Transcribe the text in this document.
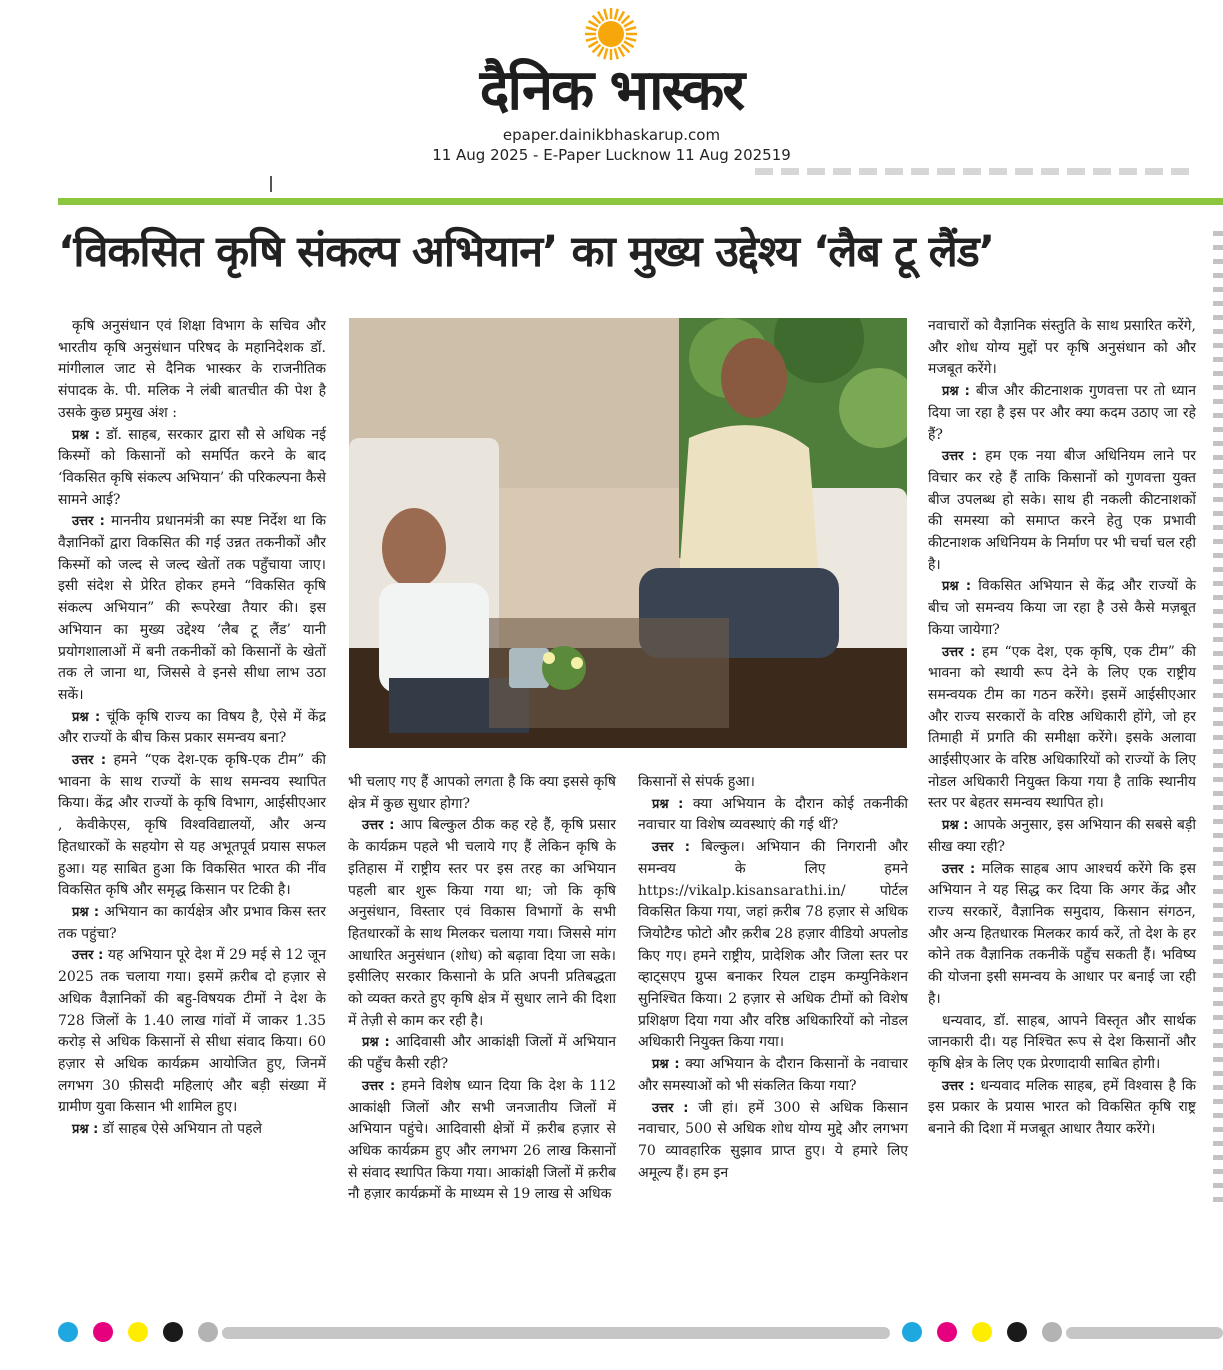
दैनिक भास्कर
epaper.dainikbhaskarup.com
11 Aug 2025 - E-Paper Lucknow 11 Aug 202519
‘विकसित कृषि संकल्प अभियान’ का मुख्य उद्देश्य ‘लैब टू लैंड’

कृषि अनुसंधान एवं शिक्षा विभाग के सचिव और भारतीय कृषि अनुसंधान परिषद के महानिदेशक डॉ. मांगीलाल जाट से दैनिक भास्कर के राजनीतिक संपादक के. पी. मलिक ने लंबी बातचीत की पेश है उसके कुछ प्रमुख अंश :

प्रश्न : डॉ. साहब, सरकार द्वारा सौ से अधिक नई किस्मों को किसानों को समर्पित करने के बाद ‘विकसित कृषि संकल्प अभियान’ की परिकल्पना कैसे सामने आई?

उत्तर : माननीय प्रधानमंत्री का स्पष्ट निर्देश था कि वैज्ञानिकों द्वारा विकसित की गई उन्नत तकनीकों और किस्मों को जल्द से जल्द खेतों तक पहुँचाया जाए। इसी संदेश से प्रेरित होकर हमने “विकसित कृषि संकल्प अभियान” की रूपरेखा तैयार की। इस अभियान का मुख्य उद्देश्य ‘लैब टू लैंड’ यानी प्रयोगशालाओं में बनी तकनीकों को किसानों के खेतों तक ले जाना था, जिससे वे इनसे सीधा लाभ उठा सकें।

प्रश्न : चूंकि कृषि राज्य का विषय है, ऐसे में केंद्र और राज्यों के बीच किस प्रकार समन्वय बना?

उत्तर : हमने “एक देश-एक कृषि-एक टीम” की भावना के साथ राज्यों के साथ समन्वय स्थापित किया। केंद्र और राज्यों के कृषि विभाग, आईसीएआर , केवीकेएस, कृषि विश्वविद्यालयों, और अन्य हितधारकों के सहयोग से यह अभूतपूर्व प्रयास सफल हुआ। यह साबित हुआ कि विकसित भारत की नींव विकसित कृषि और समृद्ध किसान पर टिकी है।

प्रश्न : अभियान का कार्यक्षेत्र और प्रभाव किस स्तर तक पहुंचा?

उत्तर : यह अभियान पूरे देश में 29 मई से 12 जून 2025 तक चलाया गया। इसमें क़रीब दो हज़ार से अधिक वैज्ञानिकों की बहु-विषयक टीमों ने देश के 728 जिलों के 1.40 लाख गांवों में जाकर 1.35 करोड़ से अधिक किसानों से सीधा संवाद किया। 60 हज़ार से अधिक कार्यक्रम आयोजित हुए, जिनमें लगभग 30 फ़ीसदी महिलाएं और बड़ी संख्या में ग्रामीण युवा किसान भी शामिल हुए।

प्रश्न : डॉ साहब ऐसे अभियान तो पहले

भी चलाए गए हैं आपको लगता है कि क्या इससे कृषि क्षेत्र में कुछ सुधार होगा?

उत्तर : आप बिल्कुल ठीक कह रहे हैं, कृषि प्रसार के कार्यक्रम पहले भी चलाये गए हैं लेकिन कृषि के इतिहास में राष्ट्रीय स्तर पर इस तरह का अभियान पहली बार शुरू किया गया था; जो कि कृषि अनुसंधान, विस्तार एवं विकास विभागों के सभी हितधारकों के साथ मिलकर चलाया गया। जिससे मांग आधारित अनुसंधान (शोध) को बढ़ावा दिया जा सके। इसीलिए सरकार किसानो के प्रति अपनी प्रतिबद्धता को व्यक्त करते हुए कृषि क्षेत्र में सुधार लाने की दिशा में तेज़ी से काम कर रही है।

प्रश्न : आदिवासी और आकांक्षी जिलों में अभियान की पहुँच कैसी रही?

उत्तर : हमने विशेष ध्यान दिया कि देश के 112 आकांक्षी जिलों और सभी जनजातीय जिलों में अभियान पहुंचे। आदिवासी क्षेत्रों में क़रीब हज़ार से अधिक कार्यक्रम हुए और लगभग 26 लाख किसानों से संवाद स्थापित किया गया। आकांक्षी जिलों में क़रीब नौ हज़ार कार्यक्रमों के माध्यम से 19 लाख से अधिक

किसानों से संपर्क हुआ।

प्रश्न : क्या अभियान के दौरान कोई तकनीकी नवाचार या विशेष व्यवस्थाएं की गई थीं?

उत्तर : बिल्कुल। अभियान की निगरानी और समन्वय के लिए हमने https://vikalp.kisansarathi.in/ पोर्टल विकसित किया गया, जहां क़रीब 78 हज़ार से अधिक जियोटैग्ड फोटो और क़रीब 28 हज़ार वीडियो अपलोड किए गए। हमने राष्ट्रीय, प्रादेशिक और जिला स्तर पर व्हाट्सएप ग्रुप्स बनाकर रियल टाइम कम्युनिकेशन सुनिश्चित किया। 2 हज़ार से अधिक टीमों को विशेष प्रशिक्षण दिया गया और वरिष्ठ अधिकारियों को नोडल अधिकारी नियुक्त किया गया।

प्रश्न : क्या अभियान के दौरान किसानों के नवाचार और समस्याओं को भी संकलित किया गया?

उत्तर : जी हां। हमें 300 से अधिक किसान नवाचार, 500 से अधिक शोध योग्य मुद्दे और लगभग 70 व्यावहारिक सुझाव प्राप्त हुए। ये हमारे लिए अमूल्य हैं। हम इन

नवाचारों को वैज्ञानिक संस्तुति के साथ प्रसारित करेंगे, और शोध योग्य मुद्दों पर कृषि अनुसंधान को और मजबूत करेंगे।

प्रश्न : बीज और कीटनाशक गुणवत्ता पर तो ध्यान दिया जा रहा है इस पर और क्या कदम उठाए जा रहे हैं?

उत्तर : हम एक नया बीज अधिनियम लाने पर विचार कर रहे हैं ताकि किसानों को गुणवत्ता युक्त बीज उपलब्ध हो सके। साथ ही नकली कीटनाशकों की समस्या को समाप्त करने हेतु एक प्रभावी कीटनाशक अधिनियम के निर्माण पर भी चर्चा चल रही है।

प्रश्न : विकसित अभियान से केंद्र और राज्यों के बीच जो समन्वय किया जा रहा है उसे कैसे मज़बूत किया जायेगा?

उत्तर : हम “एक देश, एक कृषि, एक टीम” की भावना को स्थायी रूप देने के लिए एक राष्ट्रीय समन्वयक टीम का गठन करेंगे। इसमें आईसीएआर और राज्य सरकारों के वरिष्ठ अधिकारी होंगे, जो हर तिमाही में प्रगति की समीक्षा करेंगे। इसके अलावा आईसीएआर के वरिष्ठ अधिकारियों को राज्यों के लिए नोडल अधिकारी नियुक्त किया गया है ताकि स्थानीय स्तर पर बेहतर समन्वय स्थापित हो।

प्रश्न : आपके अनुसार, इस अभियान की सबसे बड़ी सीख क्या रही?

उत्तर : मलिक साहब आप आश्चर्य करेंगे कि इस अभियान ने यह सिद्ध कर दिया कि अगर केंद्र और राज्य सरकारें, वैज्ञानिक समुदाय, किसान संगठन, और अन्य हितधारक मिलकर कार्य करें, तो देश के हर कोने तक वैज्ञानिक तकनीकें पहुँच सकती हैं। भविष्य की योजना इसी समन्वय के आधार पर बनाई जा रही है।

धन्यवाद, डॉ. साहब, आपने विस्तृत और सार्थक जानकारी दी। यह निश्चित रूप से देश किसानों और कृषि क्षेत्र के लिए एक प्रेरणादायी साबित होगी।

उत्तर : धन्यवाद मलिक साहब, हमें विश्वास है कि इस प्रकार के प्रयास भारत को विकसित कृषि राष्ट्र बनाने की दिशा में मजबूत आधार तैयार करेंगे।
